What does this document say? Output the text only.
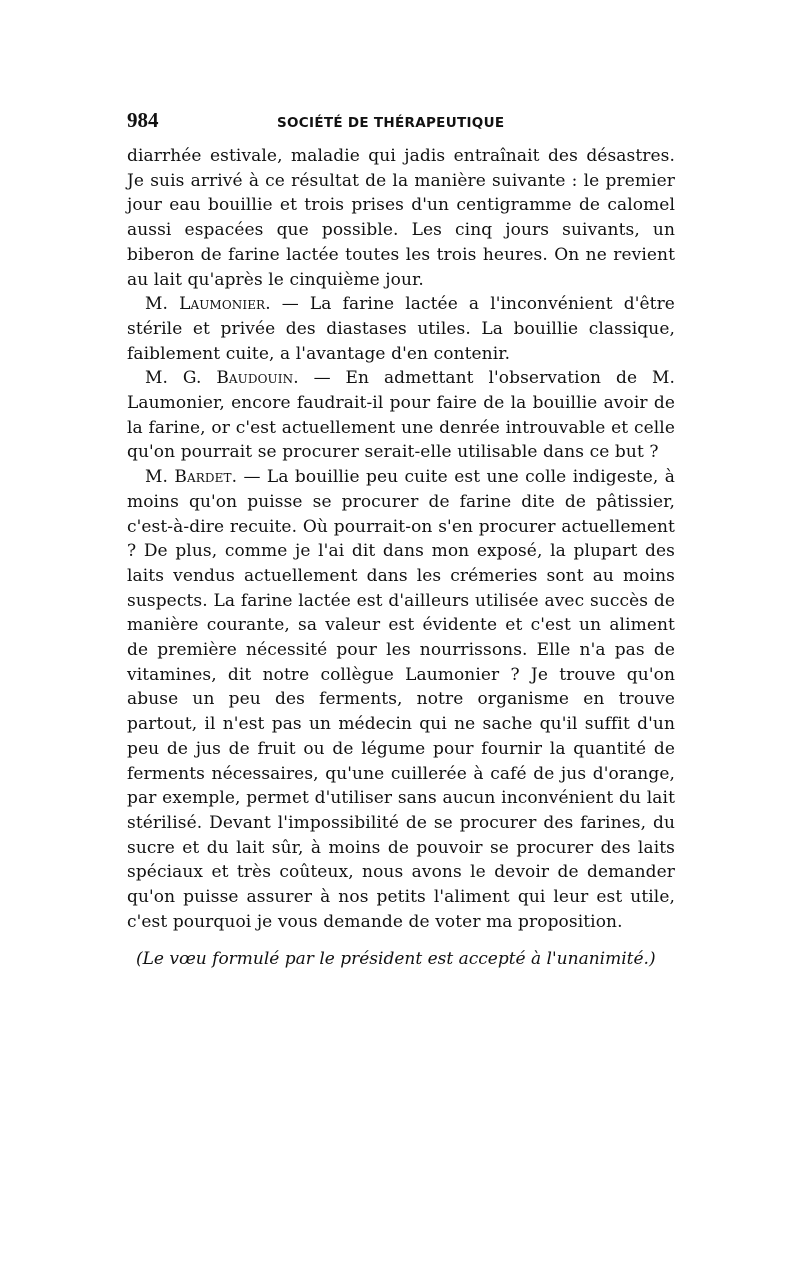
984	SOCIÉTÉ DE THÉRAPEUTIQUE

diarrhée estivale, maladie qui jadis entraînait des désastres. Je suis arrivé à ce résultat de la manière suivante : le premier jour eau bouillie et trois prises d'un centigramme de calomel aussi espacées que possible. Les cinq jours suivants, un biberon de farine lactée toutes les trois heures. On ne revient au lait qu'après le cinquième jour.

M. Laumonier. — La farine lactée a l'inconvénient d'être stérile et privée des diastases utiles. La bouillie classique, faiblement cuite, a l'avantage d'en contenir.

M. G. Baudouin. — En admettant l'observation de M. Laumonier, encore faudrait-il pour faire de la bouillie avoir de la farine, or c'est actuellement une denrée introuvable et celle qu'on pourrait se procurer serait-elle utilisable dans ce but ?

M. Bardet. — La bouillie peu cuite est une colle indigeste, à moins qu'on puisse se procurer de farine dite de pâtissier, c'est-à-dire recuite. Où pourrait-on s'en procurer actuellement ? De plus, comme je l'ai dit dans mon exposé, la plupart des laits vendus actuellement dans les crémeries sont au moins suspects. La farine lactée est d'ailleurs utilisée avec succès de manière courante, sa valeur est évidente et c'est un aliment de première nécessité pour les nourrissons. Elle n'a pas de vitamines, dit notre collègue Laumonier ? Je trouve qu'on abuse un peu des ferments, notre organisme en trouve partout, il n'est pas un médecin qui ne sache qu'il suffit d'un peu de jus de fruit ou de légume pour fournir la quantité de ferments nécessaires, qu'une cuillerée à café de jus d'orange, par exemple, permet d'utiliser sans aucun inconvénient du lait stérilisé. Devant l'impossibilité de se procurer des farines, du sucre et du lait sûr, à moins de pouvoir se procurer des laits spéciaux et très coûteux, nous avons le devoir de demander qu'on puisse assurer à nos petits l'aliment qui leur est utile, c'est pourquoi je vous demande de voter ma proposition.

(Le vœu formulé par le président est accepté à l'unanimité.)
